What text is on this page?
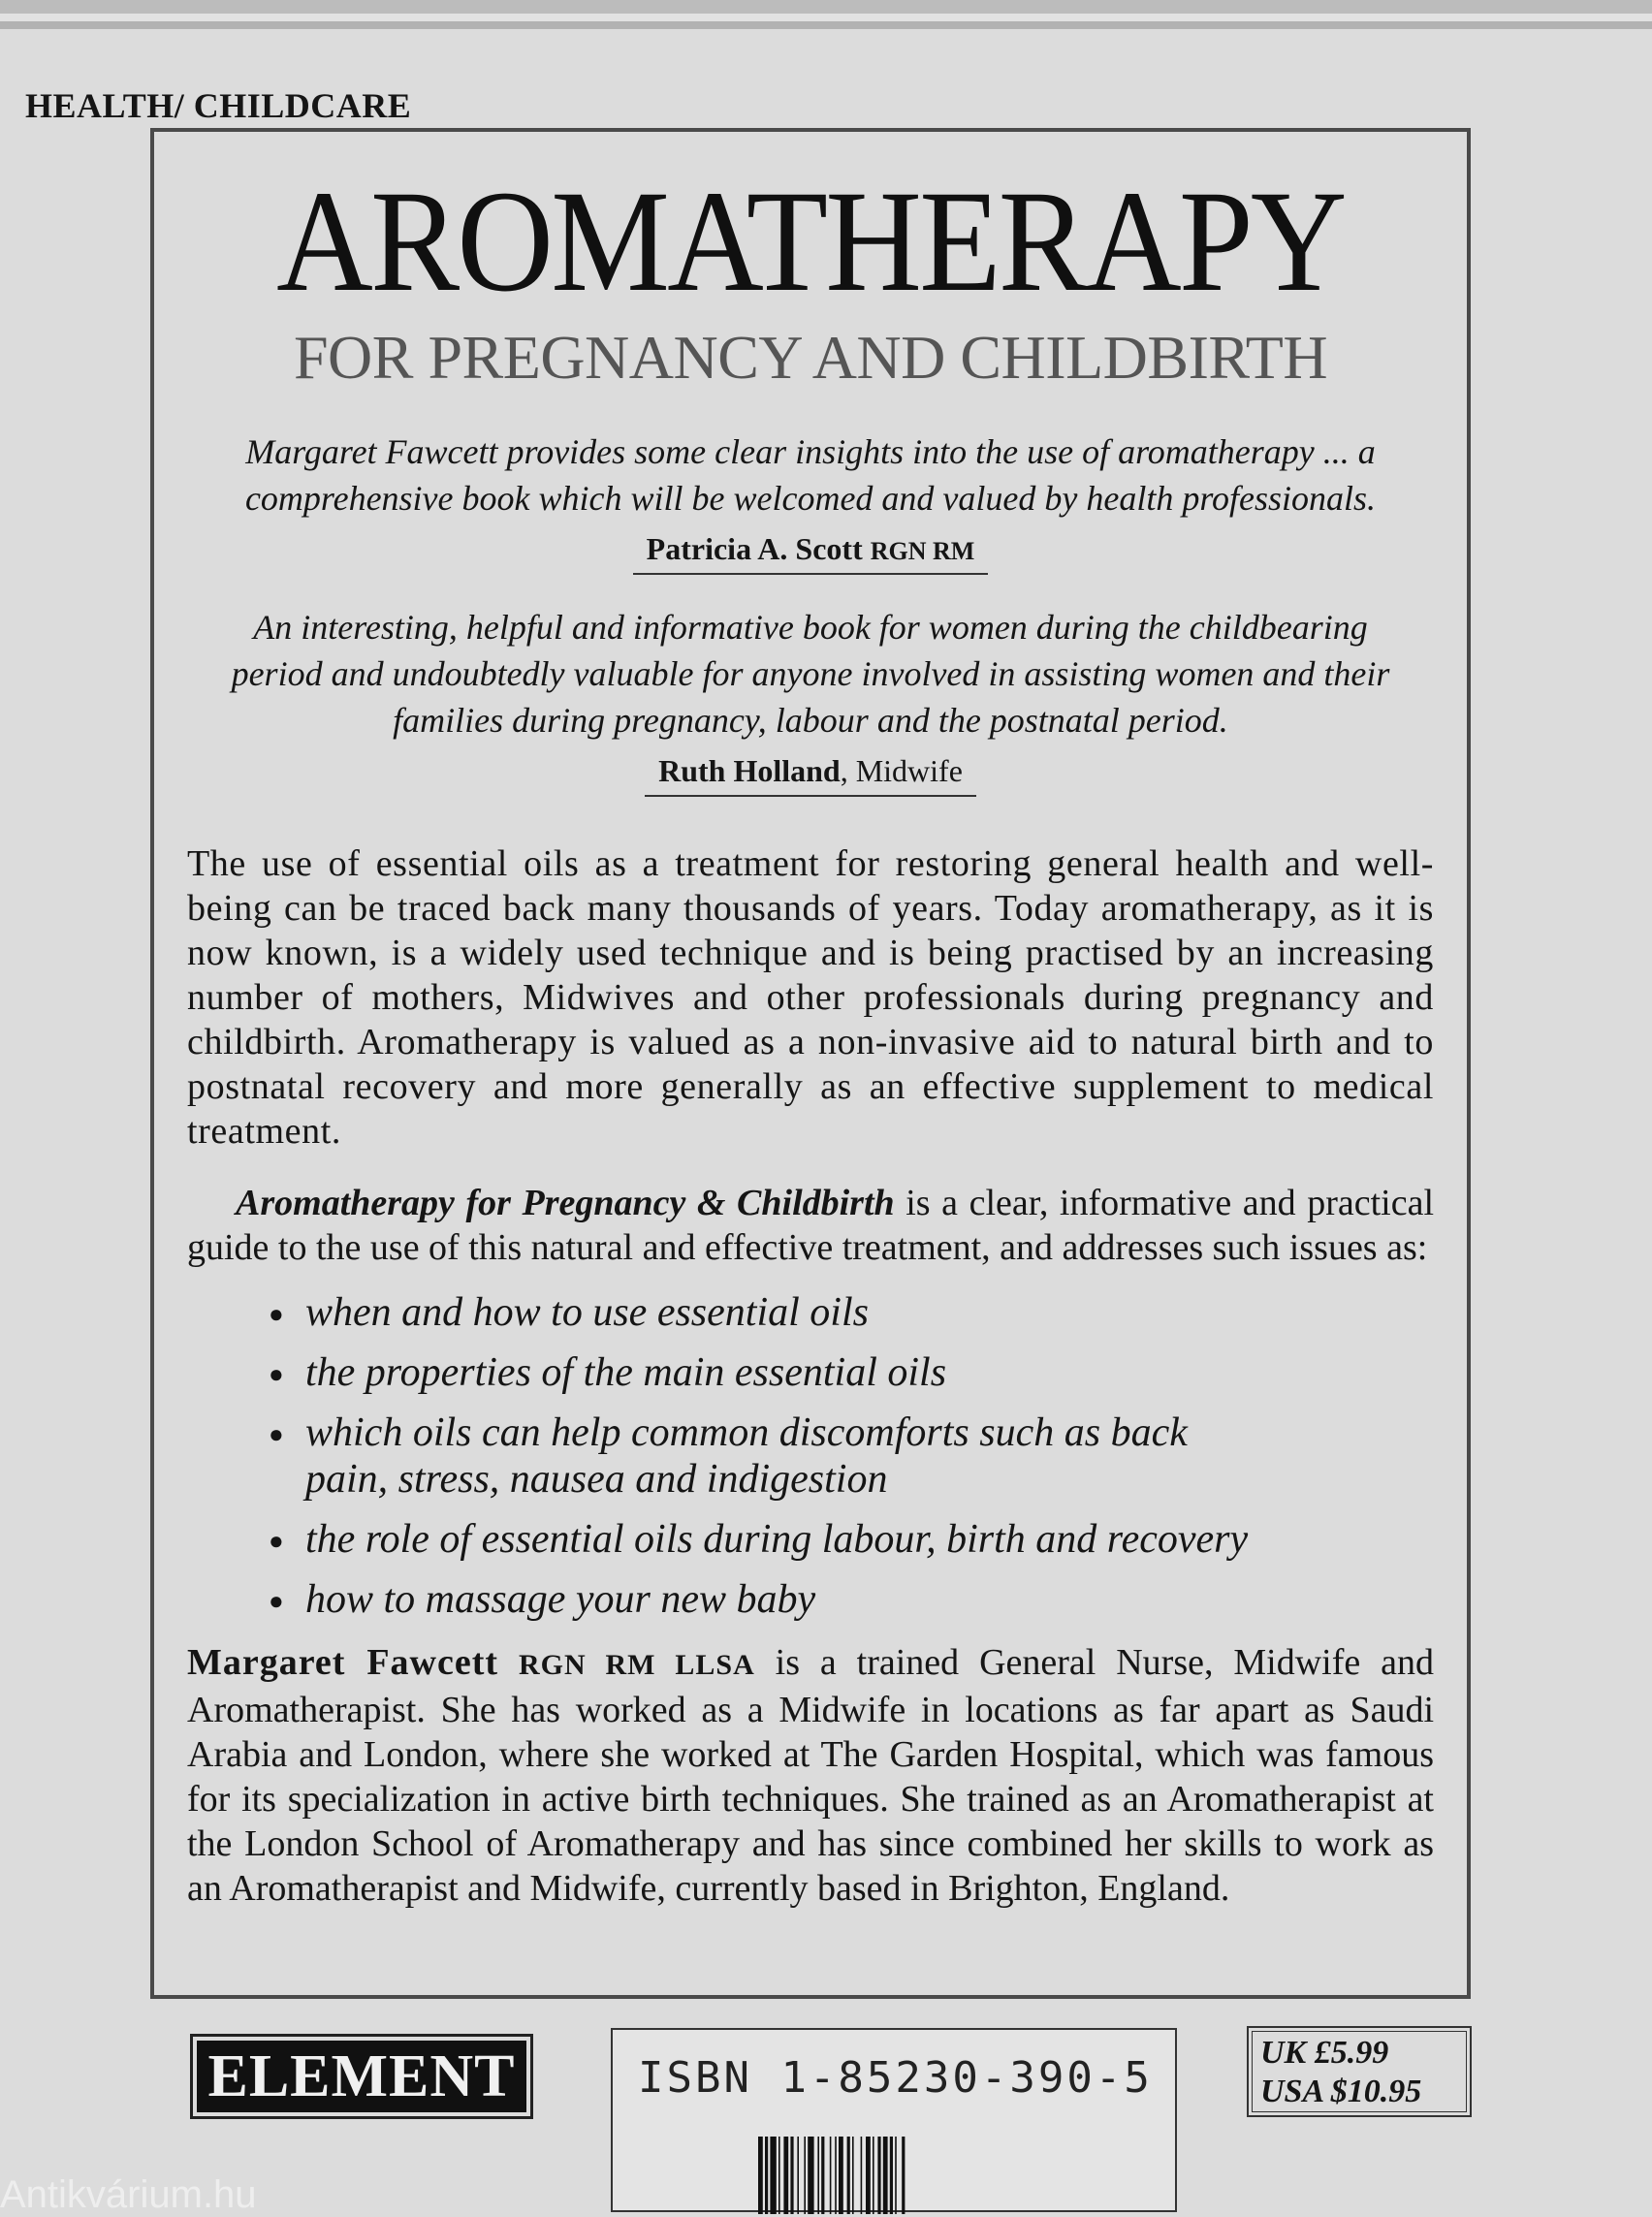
HEALTH/ CHILDCARE
AROMATHERAPY
FOR PREGNANCY AND CHILDBIRTH
Margaret Fawcett provides some clear insights into the use of aromatherapy ... a comprehensive book which will be welcomed and valued by health professionals.
Patricia A. Scott RGN RM
An interesting, helpful and informative book for women during the childbearing period and undoubtedly valuable for anyone involved in assisting women and their families during pregnancy, labour and the postnatal period.
Ruth Holland, Midwife

The use of essential oils as a treatment for restoring general health and well-being can be traced back many thousands of years. Today aromatherapy, as it is now known, is a widely used technique and is being practised by an increasing number of mothers, Midwives and other professionals during pregnancy and childbirth. Aromatherapy is valued as a non-invasive aid to natural birth and to postnatal recovery and more generally as an effective supplement to medical treatment.

Aromatherapy for Pregnancy & Childbirth is a clear, informative and practical guide to the use of this natural and effective treatment, and addresses such issues as:

● when and how to use essential oils
● the properties of the main essential oils
● which oils can help common discomforts such as back pain, stress, nausea and indigestion
● the role of essential oils during labour, birth and recovery
● how to massage your new baby

Margaret Fawcett RGN RM LLSA is a trained General Nurse, Midwife and Aromatherapist. She has worked as a Midwife in locations as far apart as Saudi Arabia and London, where she worked at The Garden Hospital, which was famous for its specialization in active birth techniques. She trained as an Aromatherapist at the London School of Aromatherapy and has since combined her skills to work as an Aromatherapist and Midwife, currently based in Brighton, England.

ELEMENT	ISBN 1-85230-390-5
UK £5.99
USA $10.95
Antikvárium.hu
